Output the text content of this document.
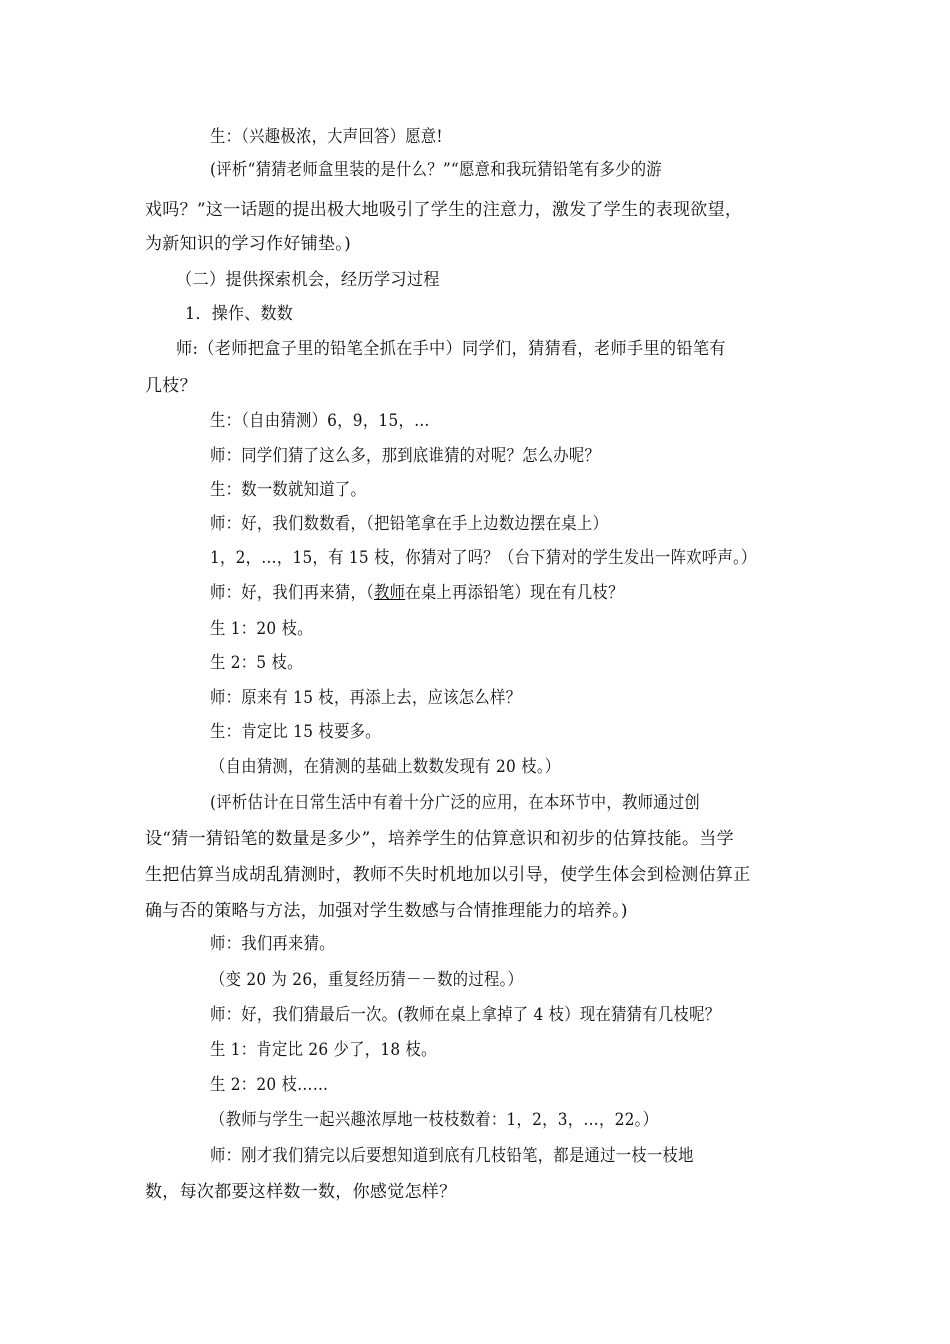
生：（兴趣极浓，大声回答）愿意!
(评析“猜猜老师盒里装的是什么？”“愿意和我玩猜铅笔有多少的游
戏吗？”这一话题的提出极大地吸引了学生的注意力，激发了学生的表现欲望，
为新知识的学习作好铺垫。)
（二）提供探索机会，经历学习过程
1．操作、数数
师:（老师把盒子里的铅笔全抓在手中）同学们，猜猜看，老师手里的铅笔有
几枝？
生：（自由猜测）6，9，15，…
师：同学们猜了这么多，那到底谁猜的对呢？怎么办呢？
生：数一数就知道了。
师：好，我们数数看，（把铅笔拿在手上边数边摆在桌上）
1，2，…，15，有 15 枝，你猜对了吗？（台下猜对的学生发出一阵欢呼声。）
师：好，我们再来猜，（教师在桌上再添铅笔）现在有几枝？
生 1：20 枝。
生 2：5 枝。
师：原来有 15 枝，再添上去，应该怎么样？
生：肯定比 15 枝要多。
（自由猜测，在猜测的基础上数数发现有 20 枝。）
(评析估计在日常生活中有着十分广泛的应用，在本环节中，教师通过创
设“猜一猜铅笔的数量是多少”，培养学生的估算意识和初步的估算技能。当学
生把估算当成胡乱猜测时，教师不失时机地加以引导，使学生体会到检测估算正
确与否的策略与方法，加强对学生数感与合情推理能力的培养。)
师：我们再来猜。
（变 20 为 26，重复经历猜－－数的过程。）
师：好，我们猜最后一次。(教师在桌上拿掉了 4 枝）现在猜猜有几枝呢？
生 1：肯定比 26 少了，18 枝。
生 2：20 枝……
（教师与学生一起兴趣浓厚地一枝枝数着：1，2，3，…，22。）
师：刚才我们猜完以后要想知道到底有几枝铅笔，都是通过一枝一枝地
数，每次都要这样数一数，你感觉怎样？
